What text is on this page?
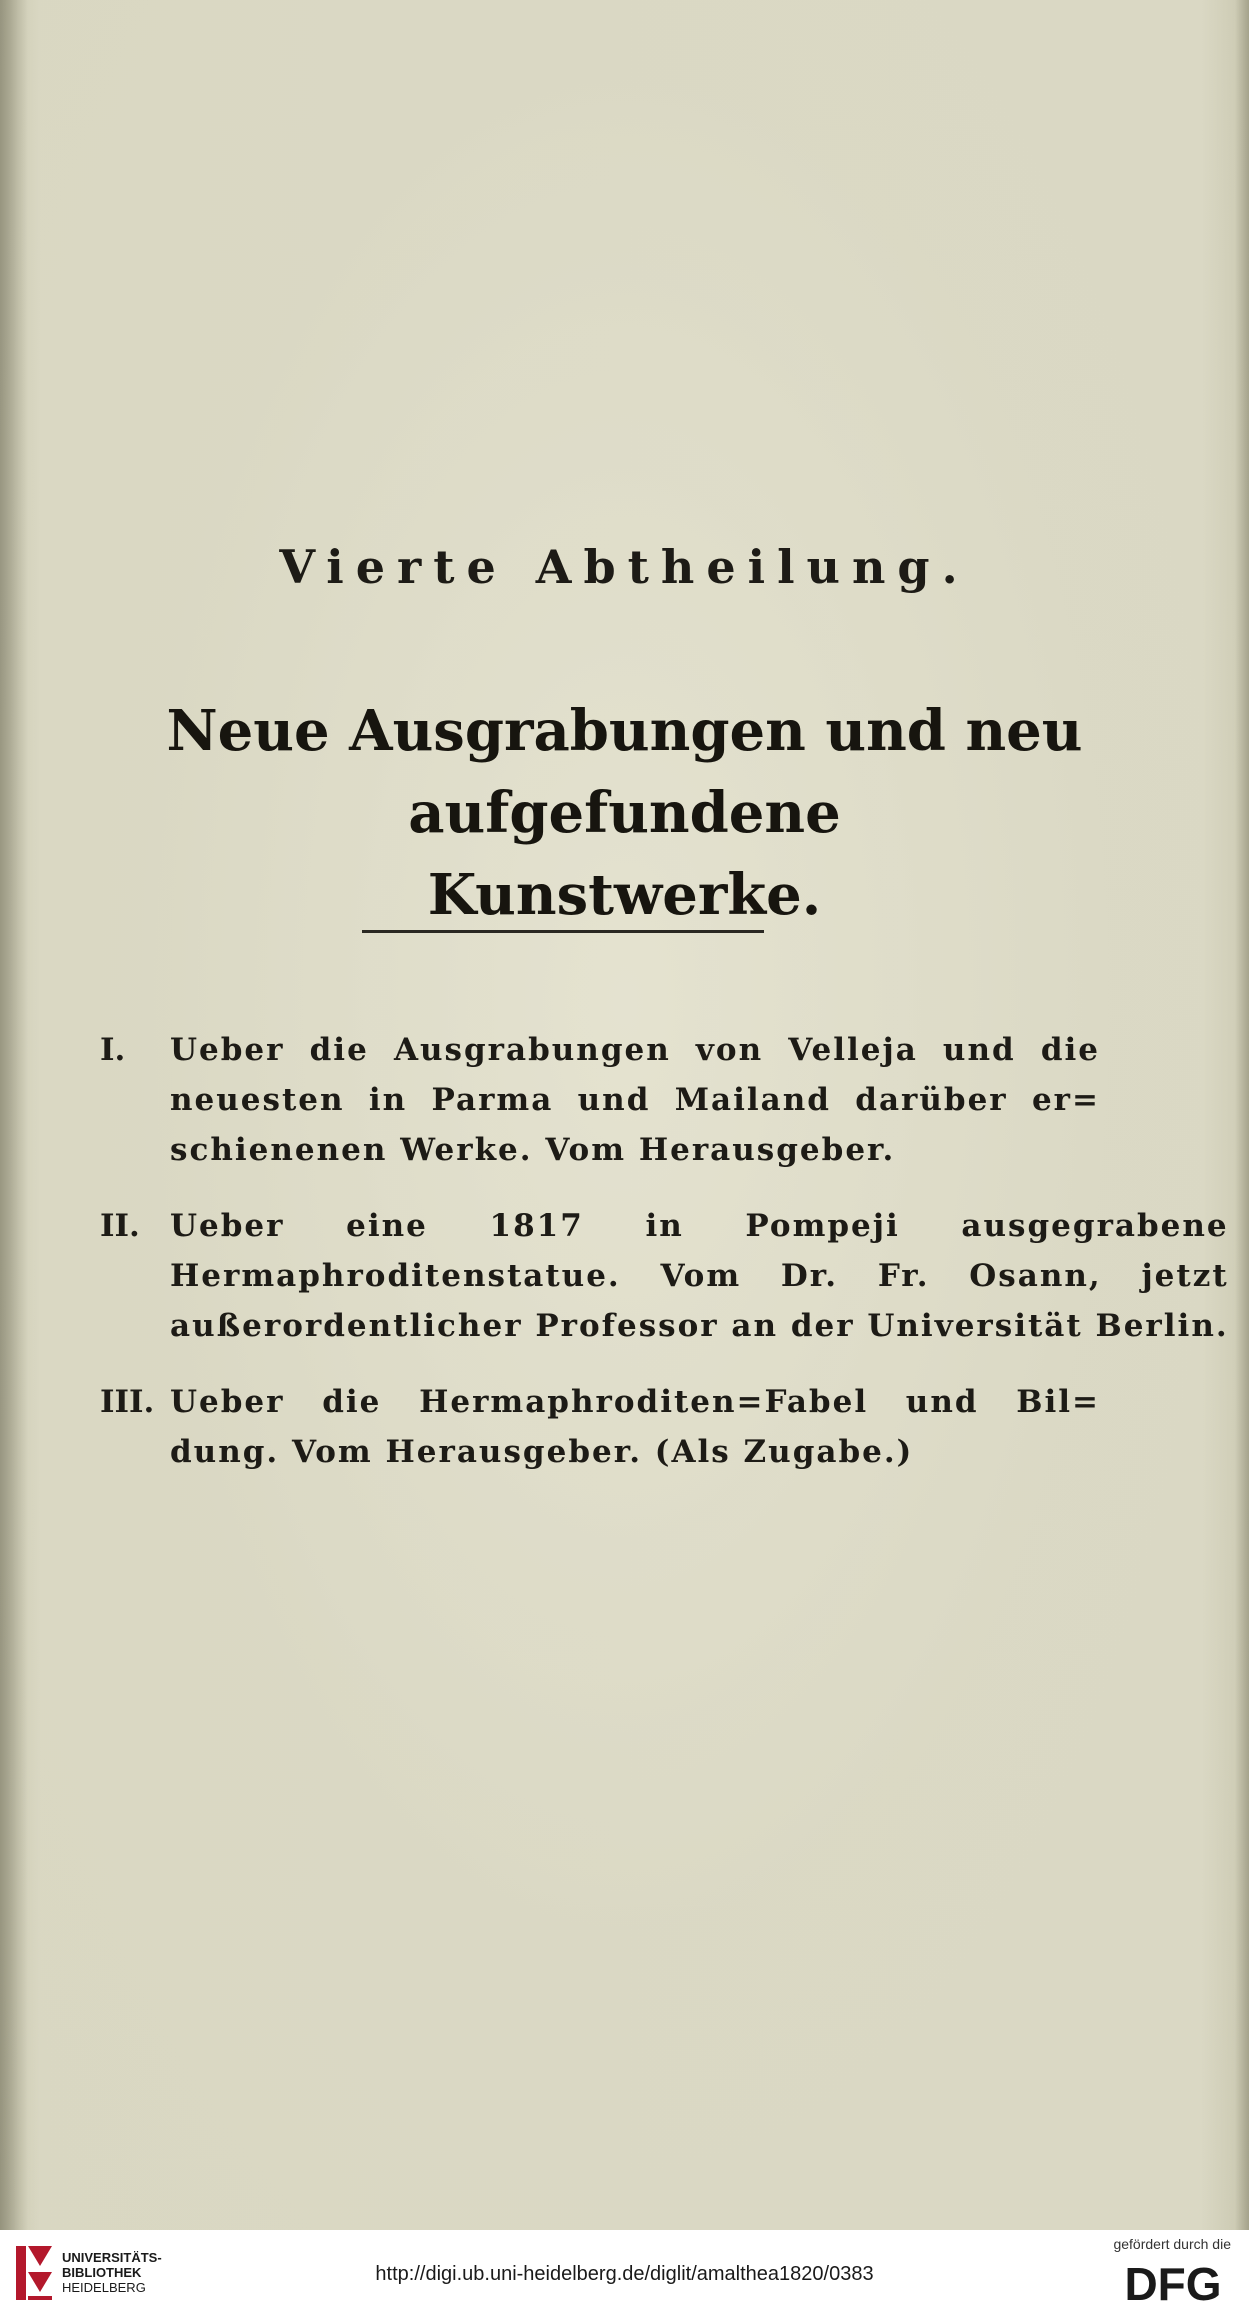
Vierte Abtheilung.
Neue Ausgrabungen und neu aufgefundene
Kunstwerke.
I.	Ueber die Ausgrabungen von Velleja und die
neuesten in Parma und Mailand darüber er=
schienenen Werke. Vom Herausgeber.
II. Ueber eine 1817 in Pompeji ausgegrabene
Hermaphroditenstatue. Vom Dr. Fr. Osann, jetzt
außerordentlicher Professor an der Universität Berlin.
III. Ueber die Hermaphroditen=Fabel und Bil=
dung. Vom Herausgeber. (Als Zugabe.)
UNIVERSITÄTS-
BIBLIOTHEK
HEIDELBERG
http://digi.ub.uni-heidelberg.de/diglit/amalthea1820/0383
gefördert durch die
DFG
